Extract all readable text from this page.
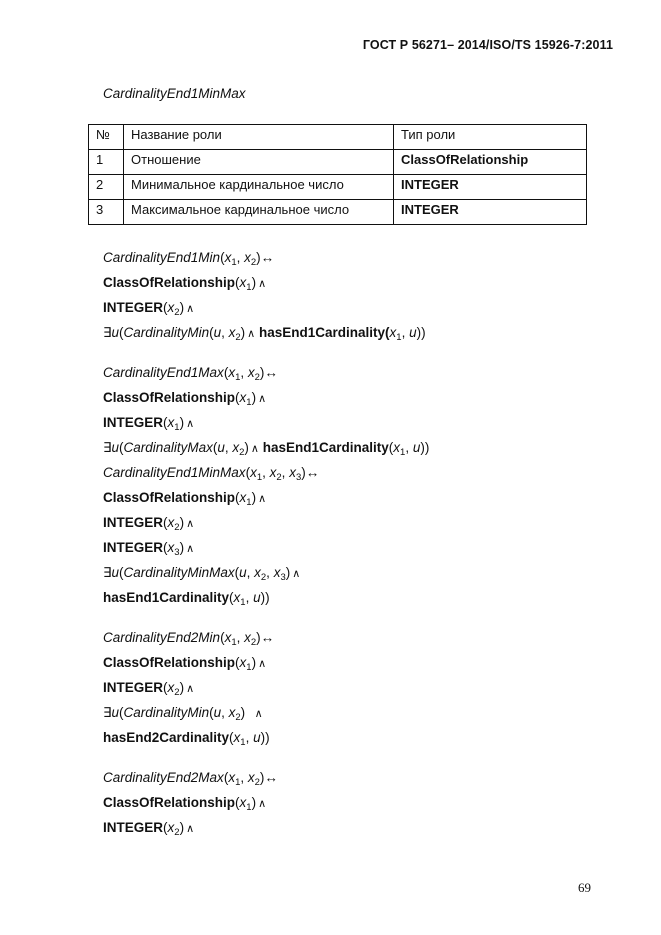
ГОСТ Р 56271– 2014/ISO/TS 15926-7:2011
CardinalityEnd1MinMax
№	Название роли	Тип роли
1	Отношение	ClassOfRelationship
2	Минимальное кардинальное число	INTEGER
3	Максимальное кардинальное число	INTEGER
$CardinalityEnd1Min(x_1$, $x_2)\leftrightarrow$
$ClassOfRelationship(x_1)$ ∧
$INTEGER(x_2)$ ∧
∃u(CardinalityMin(u, $x_2$) ∧ $hasEnd1Cardinality(x_1$, u))
$CardinalityEnd1Max(x_1$, $x_2)\leftrightarrow$
$ClassOfRelationship(x_1)$ ∧
$INTEGER(x_1)$ ∧
∃u(CardinalityMax(u, $x_2$) ∧ $hasEnd1Cardinality(x_1$, u))
$CardinalityEnd1MinMax(x_1$, $x_2$, $x_3)\leftrightarrow$
$ClassOfRelationship(x_1)$ ∧
$INTEGER(x_2)$ ∧
$INTEGER(x_3)$ ∧
∃u(CardinalityMinMax(u, $x_2$, $x_3$) ∧
$hasEnd1Cardinality(x_1$, u))
$CardinalityEnd2Min(x_1$, $x_2)\leftrightarrow$
$ClassOfRelationship(x_1)$ ∧
$INTEGER(x_2)$ ∧
∃u(CardinalityMin(u, $x_2$)  ∧
$hasEnd2Cardinality(x_1$, u))
$CardinalityEnd2Max(x_1$, $x_2)\leftrightarrow$
$ClassOfRelationship(x_1)$ ∧
$INTEGER(x_2)$ ∧
69
